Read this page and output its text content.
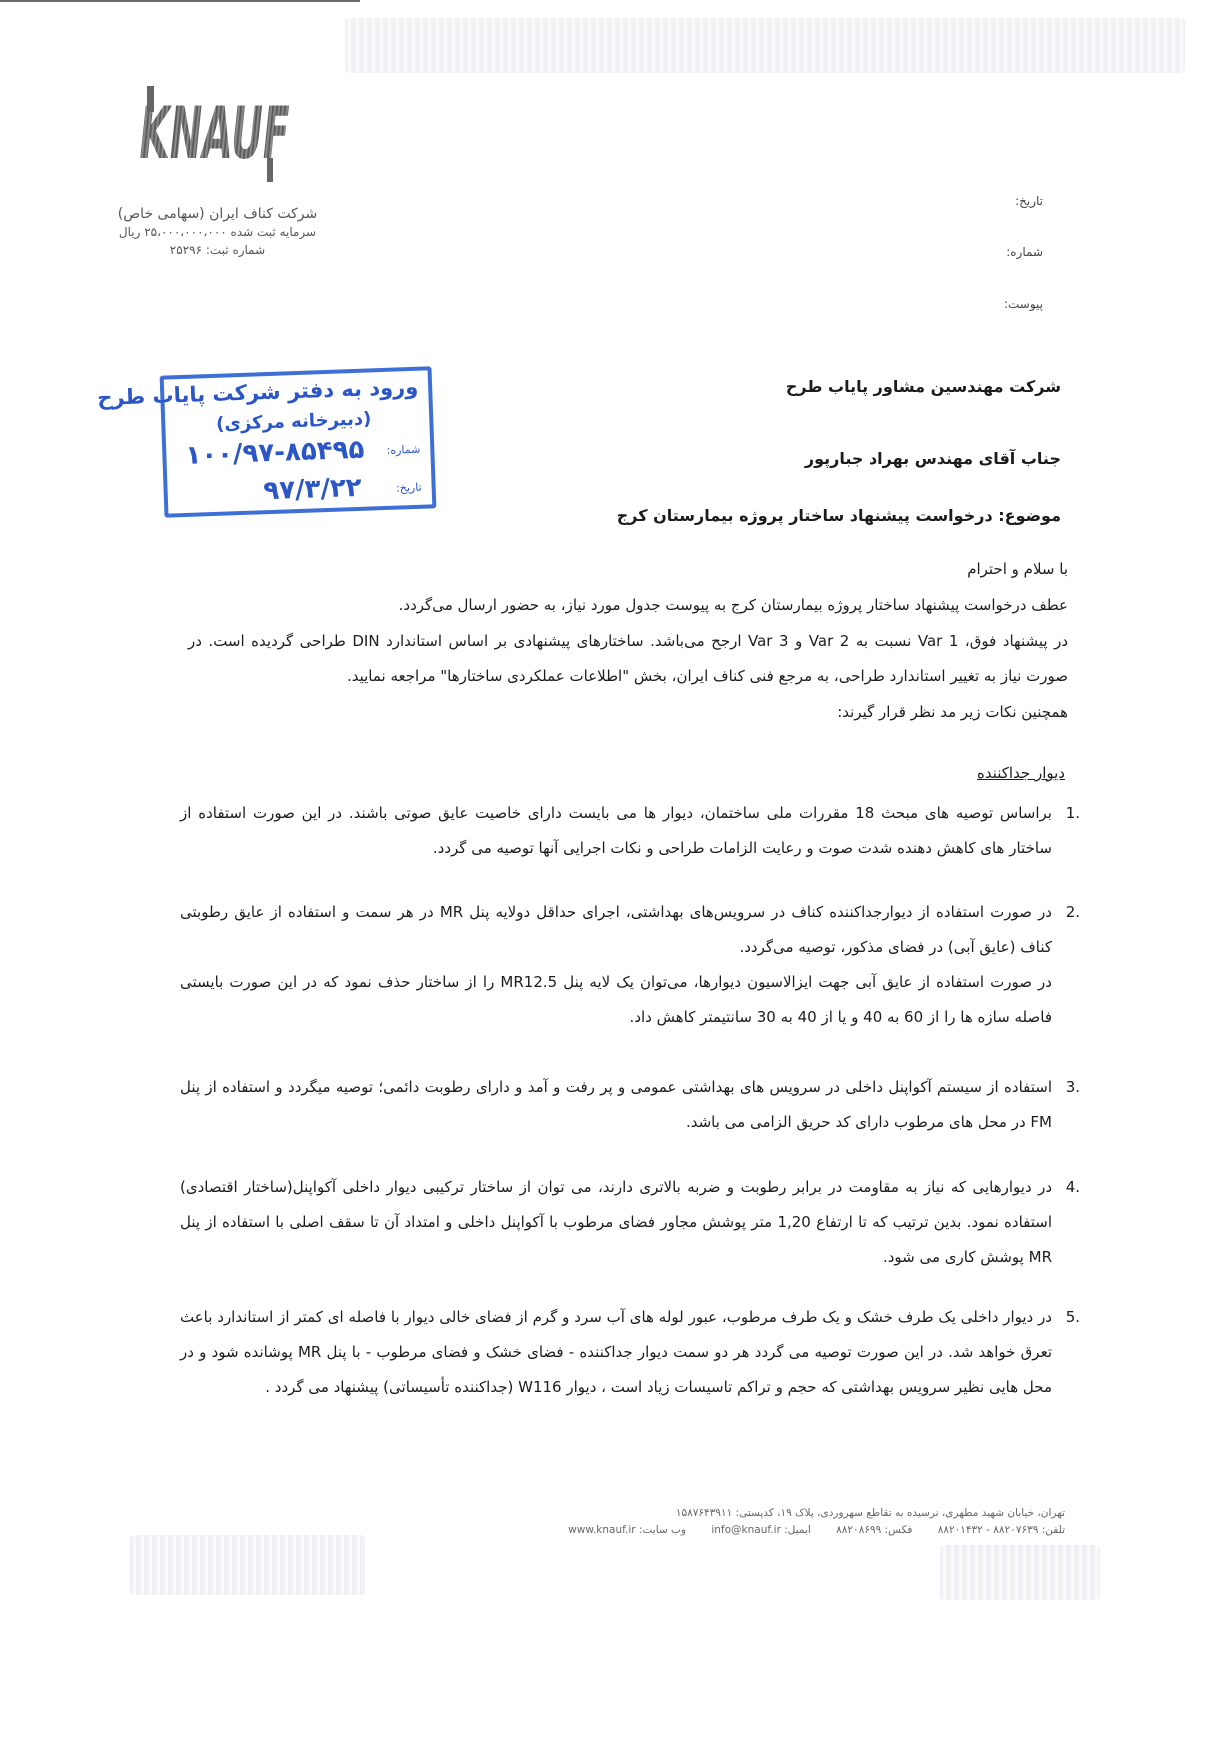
KNAUF
شرکت کناف ایران (سهامی خاص)
سرمایه ثبت شده ۲۵،۰۰۰،۰۰۰،۰۰۰ ریال
شماره ثبت: ۲۵۲۹۶
تاریخ:
شماره:
پیوست:
ورود به دفتر شرکت پایاب طرح
(دبیرخانه مرکزی)
شماره:
۱۰۰/۹۷-۸۵۴۹۵
تاریخ:
۹۷/۳/۲۲
شرکت مهندسین مشاور پایاب طرح
جناب آقای مهندس بهراد جبارپور
موضوع: درخواست پیشنهاد ساختار پروژه بیمارستان کرج
با سلام و احترام
عطف درخواست پیشنهاد ساختار پروژه بیمارستان کرج به پیوست جدول مورد نیاز، به حضور ارسال می‌گردد.
در پیشنهاد فوق، Var 1 نسبت به Var 2 و Var 3 ارجح می‌باشد. ساختارهای پیشنهادی بر اساس استاندارد DIN طراحی گردیده است. در صورت نیاز به تغییر استاندارد طراحی، به مرجع فنی کناف ایران، بخش "اطلاعات عملکردی ساختارها" مراجعه نمایید.
همچنین نکات زیر مد نظر قرار گیرند:
دیوار جداکننده
1.
براساس توصیه های مبحث 18 مقررات ملی ساختمان، دیوار ها می بایست دارای خاصیت عایق صوتی باشند. در این صورت استفاده از ساختار های کاهش دهنده شدت صوت و رعایت الزامات طراحی و نکات اجرایی آنها توصیه می گردد.
2.
در صورت استفاده از دیوارجداکننده کناف در سرویس‌های بهداشتی، اجرای حداقل دولایه پنل MR در هر سمت و استفاده از عایق رطوبتی کناف (عایق آبی) در فضای مذکور، توصیه می‌گردد.
در صورت استفاده از عایق آبی جهت ایزالاسیون دیوارها، می‌توان یک لایه پنل MR12.5 را از ساختار حذف نمود که در این صورت بایستی فاصله سازه ها را از 60 به 40 و یا از 40 به 30 سانتیمتر کاهش داد.
3.
استفاده از سیستم آکواپنل داخلی در سرویس های بهداشتی عمومی و پر رفت و آمد و دارای رطوبت دائمی؛ توصیه میگردد و استفاده از پنل FM در محل های مرطوب دارای کد حریق الزامی می باشد.
4.
در دیوارهایی که نیاز به مقاومت در برابر رطوبت و ضربه بالاتری دارند، می توان از ساختار ترکیبی دیوار داخلی آکواپنل(ساختار اقتصادی) استفاده نمود. بدین ترتیب که تا ارتفاع 1,20 متر پوشش مجاور فضای مرطوب با آکواپنل داخلی و امتداد آن تا سقف اصلی با استفاده از پنل MR پوشش کاری می شود.
5.
در دیوار داخلی یک طرف خشک و یک طرف مرطوب، عبور لوله های آب سرد و گرم از فضای خالی دیوار با فاصله ای کمتر از استاندارد باعث تعرق خواهد شد. در این صورت توصیه می گردد هر دو سمت دیوار جداکننده - فضای خشک و فضای مرطوب - با پنل MR پوشانده شود و در محل هایی نظیر سرویس بهداشتی که حجم و تراکم تاسیسات زیاد است ، دیوار W116 (جداکننده تأسیساتی) پیشنهاد می گردد .
تهران، خیابان شهید مطهری، نرسیده به تقاطع سهروردی، پلاک ۱۹، کدپستی: ۱۵۸۷۶۴۳۹۱۱
تلفن: ۸۸۲۰۷۶۳۹ - ۸۸۲۰۱۴۳۲ فکس: ۸۸۲۰۸۶۹۹ ایمیل: info@knauf.ir وب سایت: www.knauf.ir
